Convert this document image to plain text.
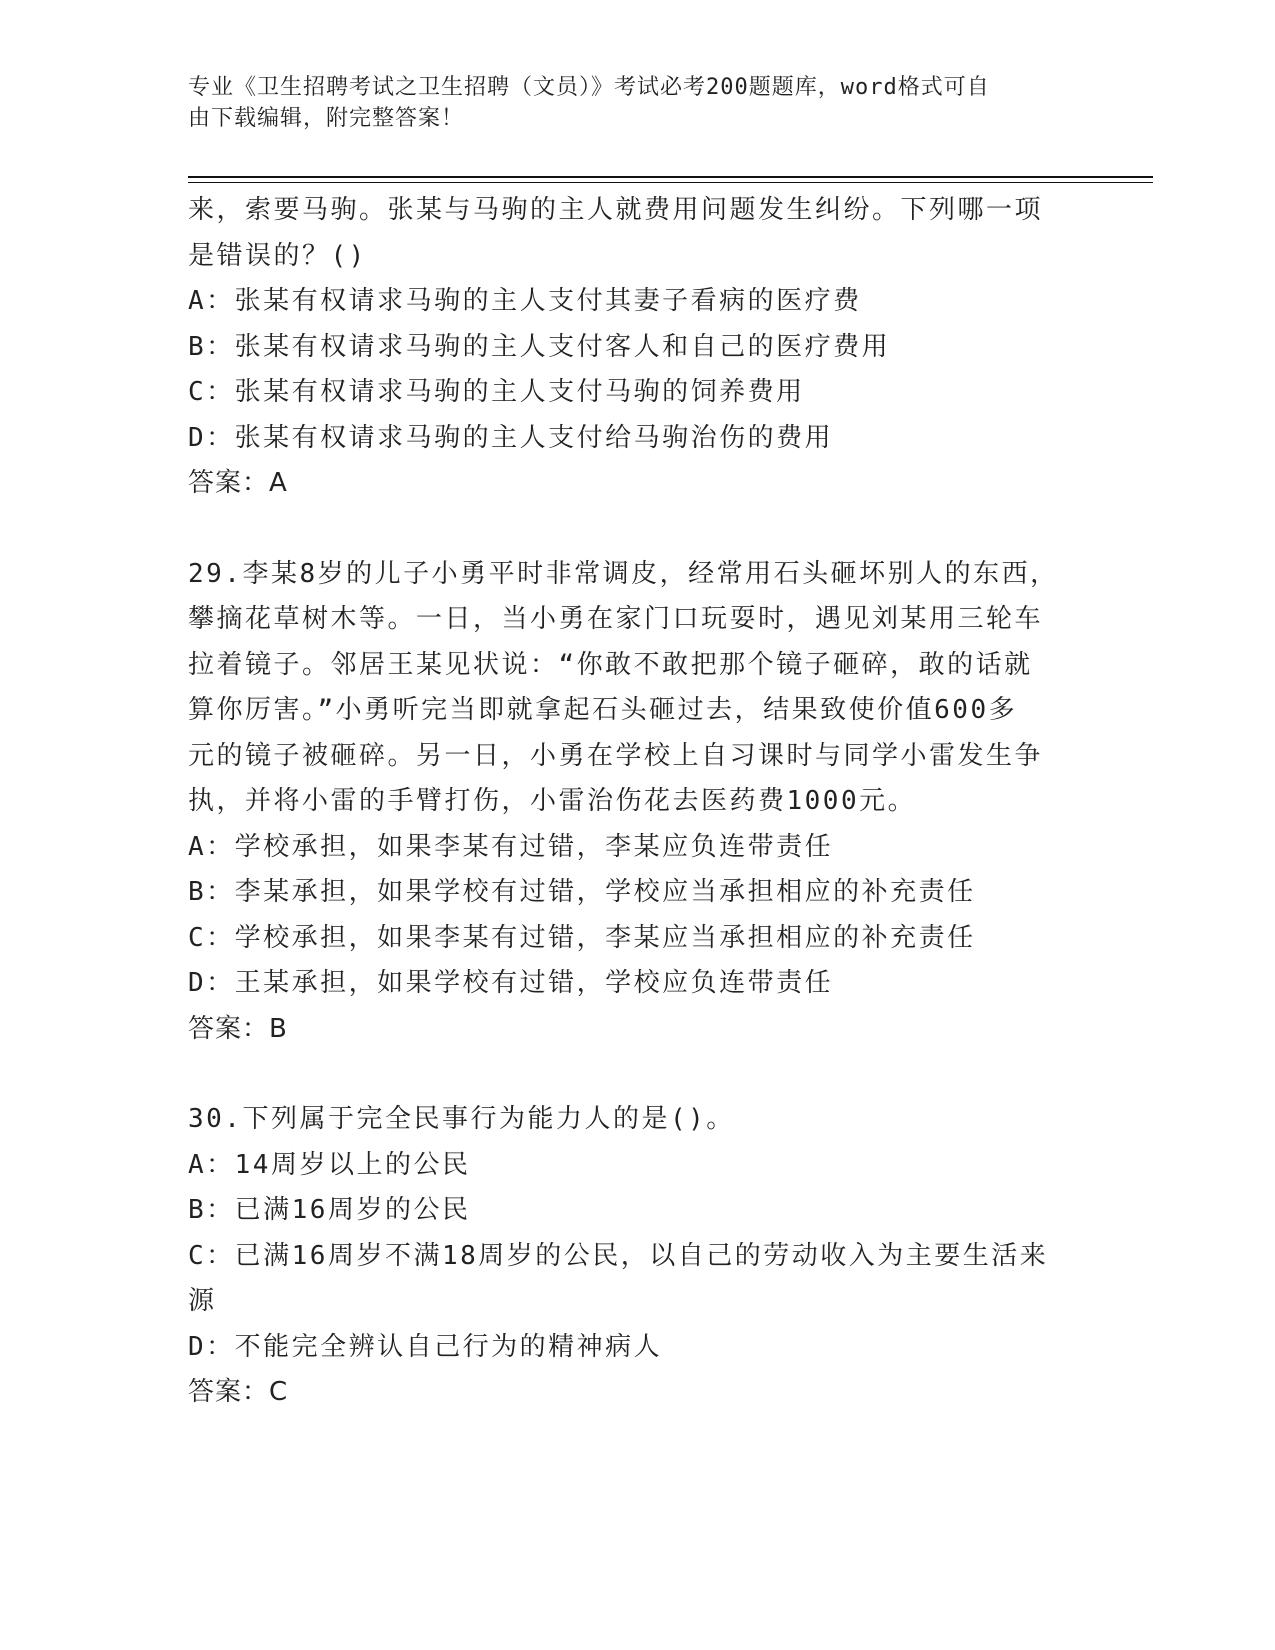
专业《卫生招聘考试之卫生招聘（文员）》考试必考200题题库，word格式可自
由下载编辑，附完整答案！
来，索要马驹。张某与马驹的主人就费用问题发生纠纷。下列哪一项
是错误的？()
A：张某有权请求马驹的主人支付其妻子看病的医疗费
B：张某有权请求马驹的主人支付客人和自己的医疗费用
C：张某有权请求马驹的主人支付马驹的饲养费用
D：张某有权请求马驹的主人支付给马驹治伤的费用
答案：A
29.李某8岁的儿子小勇平时非常调皮，经常用石头砸坏别人的东西，
攀摘花草树木等。一日，当小勇在家门口玩耍时，遇见刘某用三轮车
拉着镜子。邻居王某见状说：“你敢不敢把那个镜子砸碎，敢的话就
算你厉害。”小勇听完当即就拿起石头砸过去，结果致使价值600多
元的镜子被砸碎。另一日，小勇在学校上自习课时与同学小雷发生争
执，并将小雷的手臂打伤，小雷治伤花去医药费1000元。
A：学校承担，如果李某有过错，李某应负连带责任
B：李某承担，如果学校有过错，学校应当承担相应的补充责任
C：学校承担，如果李某有过错，李某应当承担相应的补充责任
D：王某承担，如果学校有过错，学校应负连带责任
答案：B
30.下列属于完全民事行为能力人的是()。
A：14周岁以上的公民
B：已满16周岁的公民
C：已满16周岁不满18周岁的公民，以自己的劳动收入为主要生活来
源
D：不能完全辨认自己行为的精神病人
答案：C
